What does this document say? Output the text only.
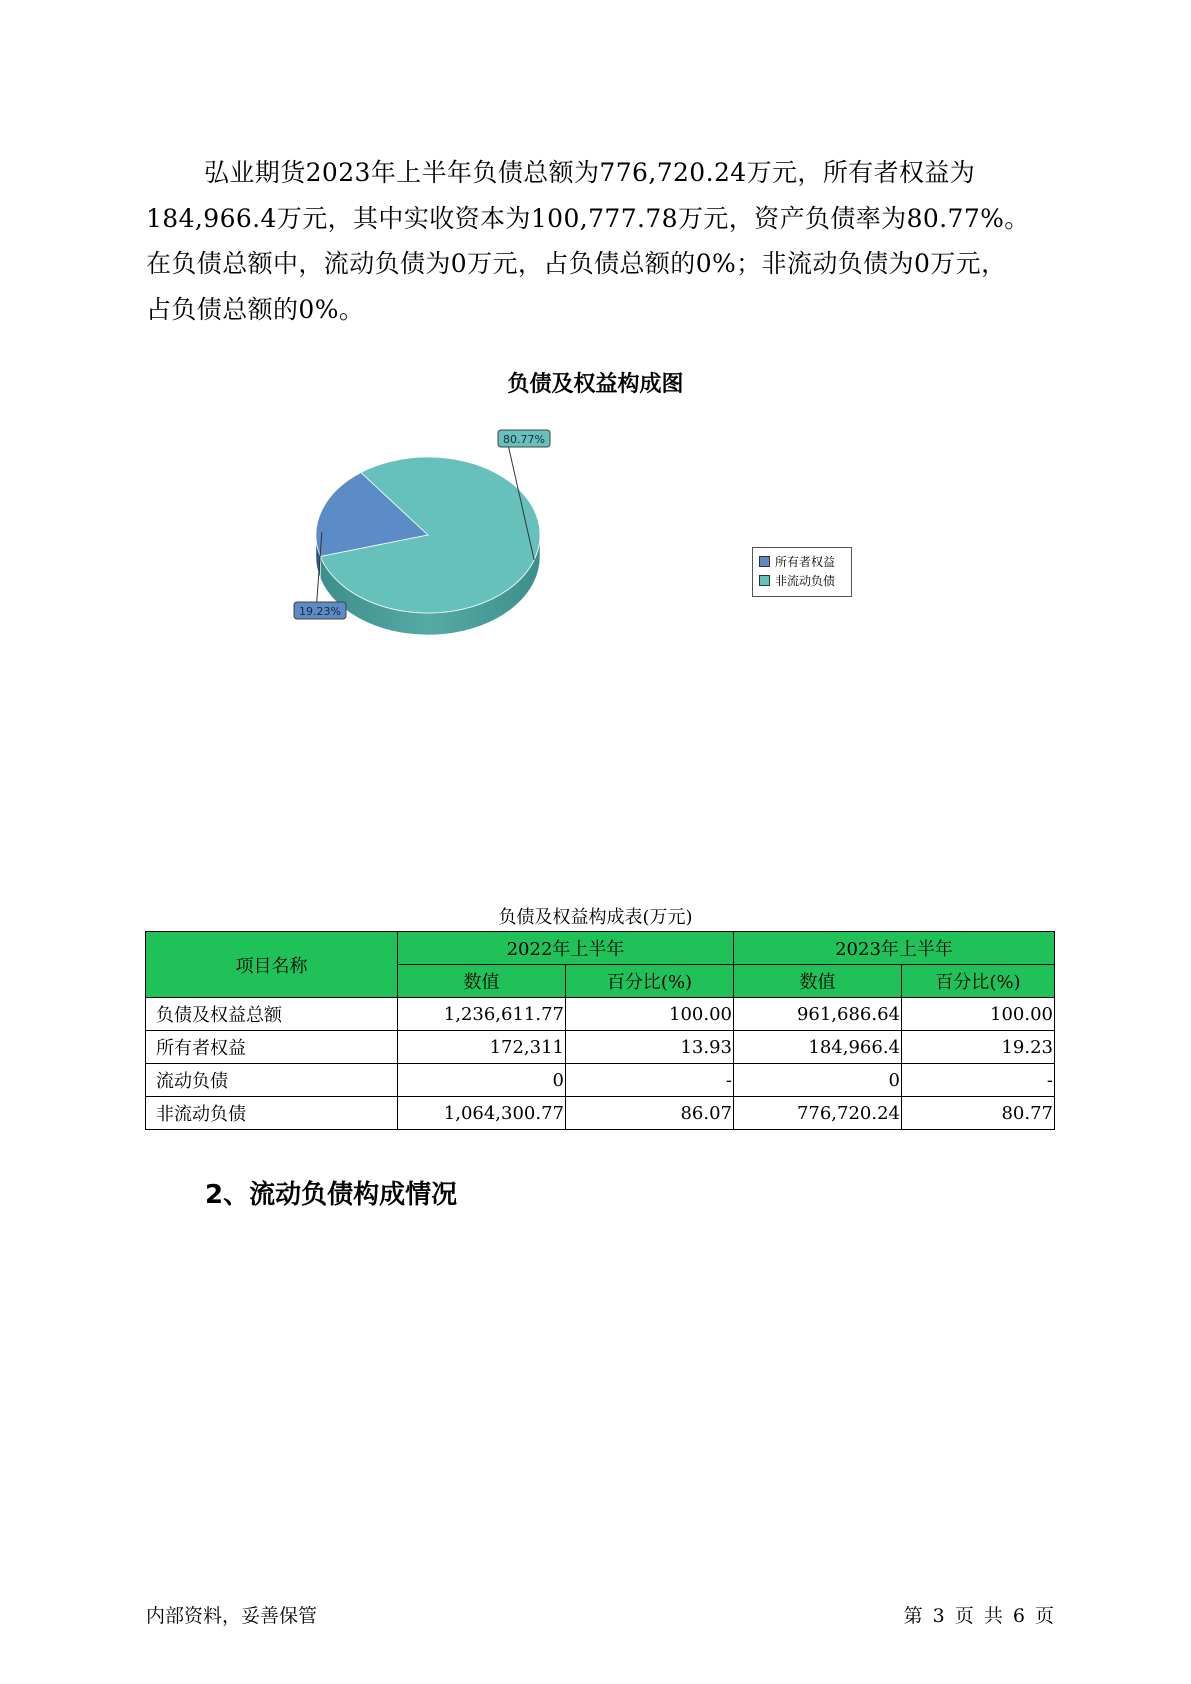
弘业期货2023年上半年负债总额为776,720.24万元，所有者权益为
184,966.4万元，其中实收资本为100,777.78万元，资产负债率为80.77%。
在负债总额中，流动负债为0万元，占负债总额的0%；非流动负债为0万元，
占负债总额的0%。
负债及权益构成图
19.23%
80.77%
所有者权益
非流动负债
负债及权益构成表(万元)
项目名称	2022年上半年		2023年上半年	
	数值	百分比(%)	数值	百分比(%)
负债及权益总额	1,236,611.77	100.00	961,686.64	100.00
所有者权益	172,311	13.93	184,966.4	19.23
流动负债	0	-	0	-
非流动负债	1,064,300.77	86.07	776,720.24	80.77
2、流动负债构成情况
内部资料，妥善保管	第 3 页 共 6 页
